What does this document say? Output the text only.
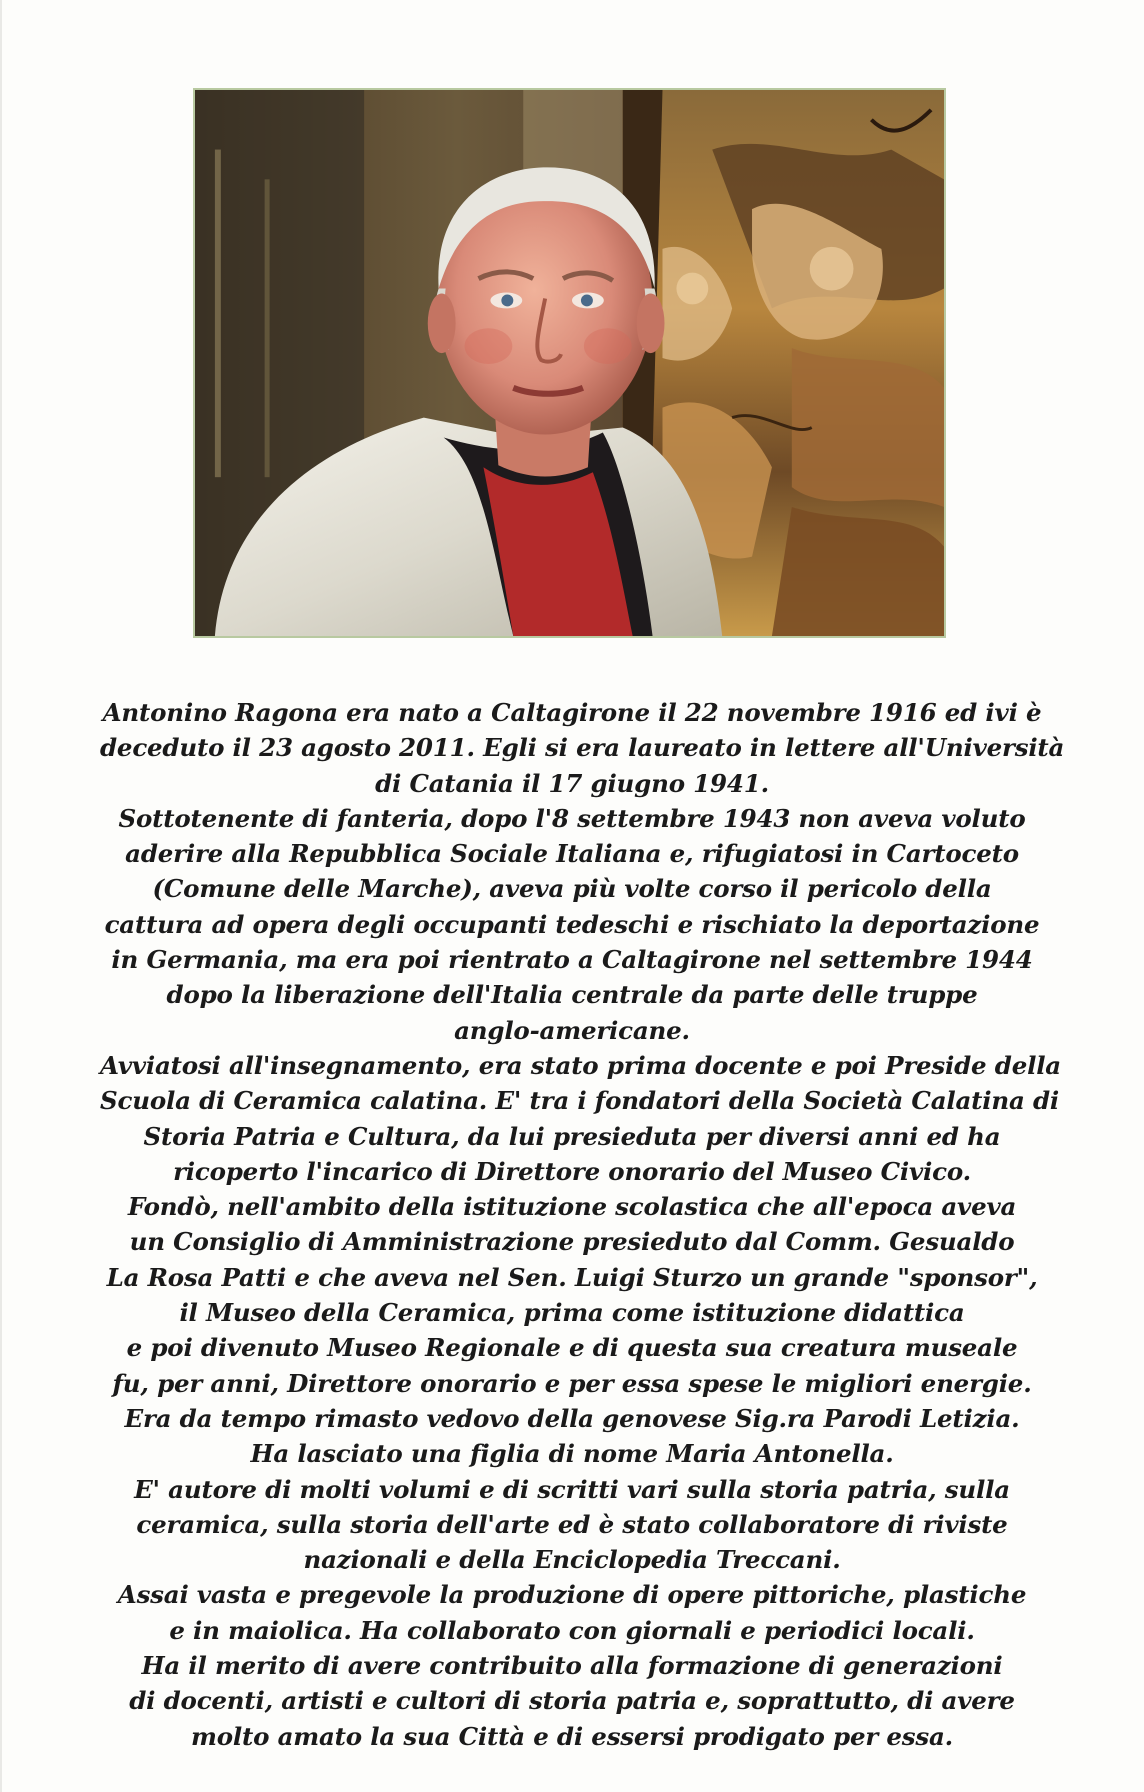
Antonino Ragona era nato a Caltagirone il 22 novembre 1916 ed ivi è
deceduto il 23 agosto 2011. Egli si era laureato in lettere all'Università
di Catania il 17 giugno 1941.
Sottotenente di fanteria, dopo l'8 settembre 1943 non aveva voluto
aderire alla Repubblica Sociale Italiana e, rifugiatosi in Cartoceto
(Comune delle Marche), aveva più volte corso il pericolo della
cattura ad opera degli occupanti tedeschi e rischiato la deportazione
in Germania, ma era poi rientrato a Caltagirone nel settembre 1944
dopo la liberazione dell'Italia centrale da parte delle truppe
anglo-americane.
Avviatosi all'insegnamento, era stato prima docente e poi Preside della
Scuola di Ceramica calatina. E' tra i fondatori della Società Calatina di
Storia Patria e Cultura, da lui presieduta per diversi anni ed ha
ricoperto l'incarico di Direttore onorario del Museo Civico.
Fondò, nell'ambito della istituzione scolastica che all'epoca aveva
un Consiglio di Amministrazione presieduto dal Comm. Gesualdo
La Rosa Patti e che aveva nel Sen. Luigi Sturzo un grande "sponsor",
il Museo della Ceramica, prima come istituzione didattica
e poi divenuto Museo Regionale e di questa sua creatura museale
fu, per anni, Direttore onorario e per essa spese le migliori energie.
Era da tempo rimasto vedovo della genovese Sig.ra Parodi Letizia.
Ha lasciato una figlia di nome Maria Antonella.
E' autore di molti volumi e di scritti vari sulla storia patria, sulla
ceramica, sulla storia dell'arte ed è stato collaboratore di riviste
nazionali e della Enciclopedia Treccani.
Assai vasta e pregevole la produzione di opere pittoriche, plastiche
e in maiolica. Ha collaborato con giornali e periodici locali.
Ha il merito di avere contribuito alla formazione di generazioni
di docenti, artisti e cultori di storia patria e, soprattutto, di avere
molto amato la sua Città e di essersi prodigato per essa.
